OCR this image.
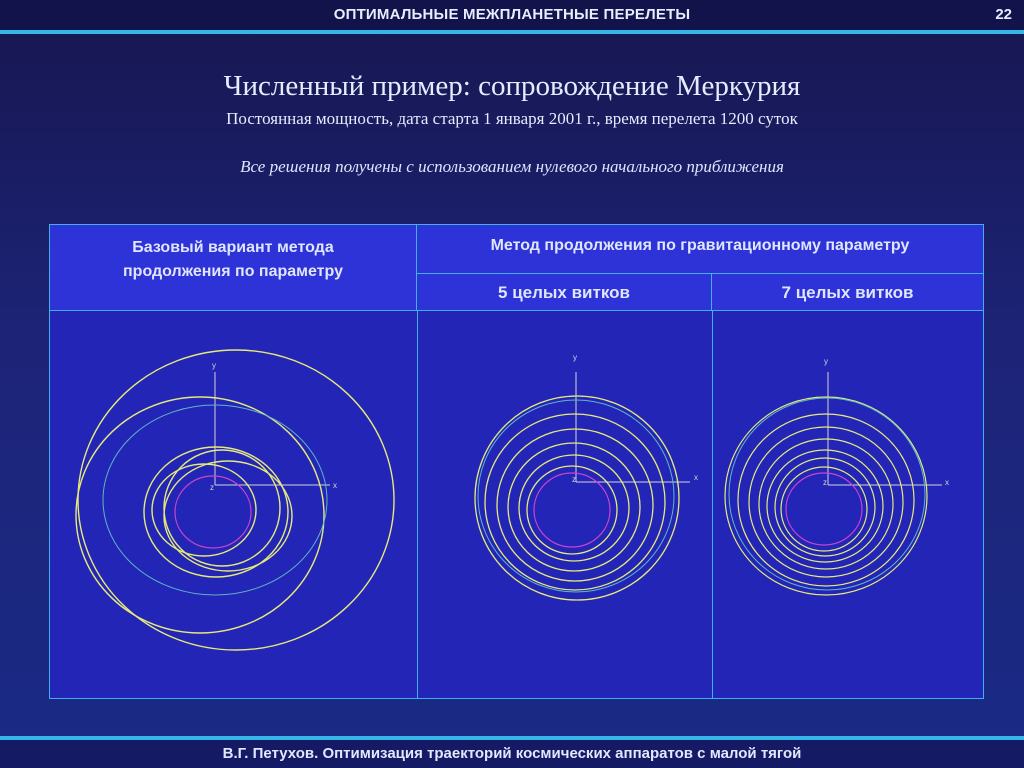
ОПТИМАЛЬНЫЕ МЕЖПЛАНЕТНЫЕ ПЕРЕЛЕТЫ	22
Численный пример: сопровождение Меркурия
Постоянная мощность, дата старта 1 января 2001 г., время перелета 1200 суток
Все решения получены с использованием нулевого начального приближения
Базовый вариант метода
продолжения по параметру
Метод продолжения по гравитационному параметру
5 целых витков	7 целых витков
y
x
z
y
x
z
y
x
z
В.Г. Петухов. Оптимизация траекторий космических аппаратов с малой тягой
